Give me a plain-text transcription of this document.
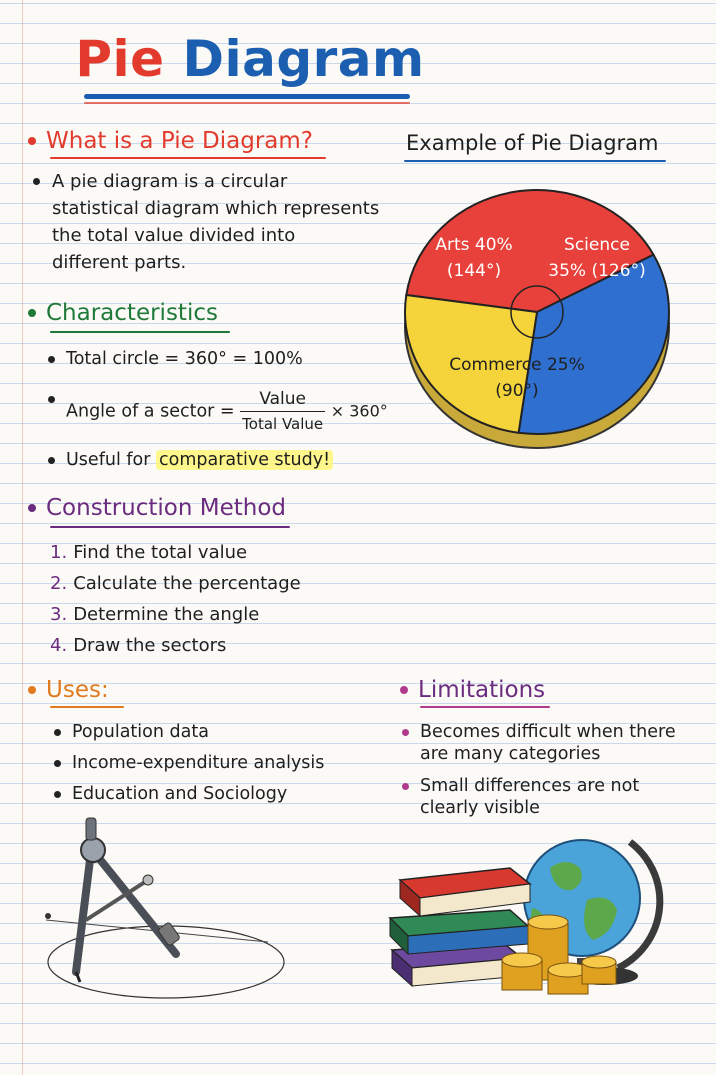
Pie Diagram
What is a Pie Diagram?
A pie diagram is a circular
statistical diagram which represents
the total value divided into
different parts.
Characteristics
Total circle = 360° = 100%
Angle of a sector = $\frac{\text{Value}}{\text{Total Value}} \times 360^\circ$
Useful for comparative study!
Construction Method
1. Find the total value
2. Calculate the percentage
3. Determine the angle
4. Draw the sectors
Uses:
Population data
Income-expenditure analysis
Education and Sociology
Limitations
Becomes difficult when there
are many categories
Small differences are not
clearly visible
Example of Pie Diagram
Arts 40%
(144°)
Science
35% (126°)
Commerce 25%
(90°)
